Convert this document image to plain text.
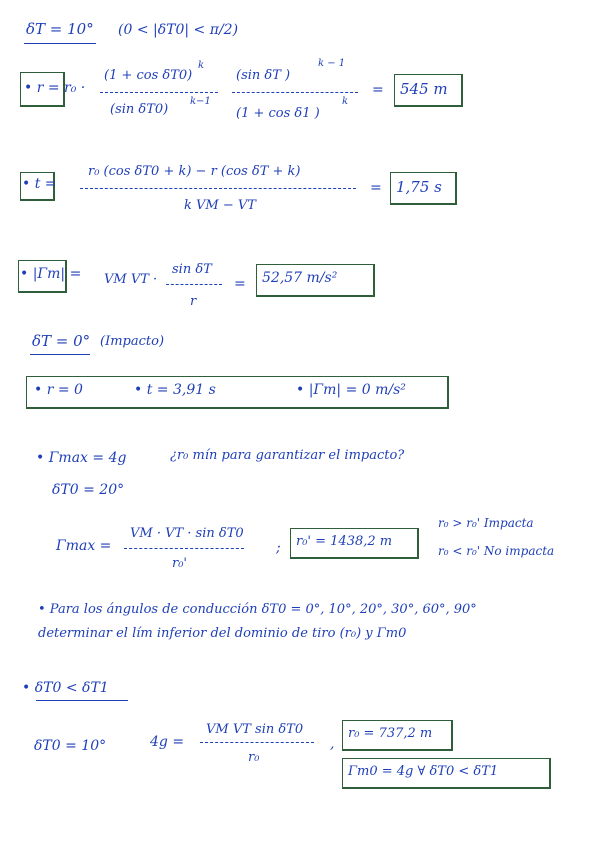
δT = 10° (0 < |δT0| < π/2)
• r = r₀ ·
(1 + cos δT0)
k
(sin δT0)
k−1
(sin δT )
k − 1
(1 + cos δ1 )
k
= 545 m
• t =
r₀ (cos δT0 + k) − r (cos δT + k)
k VM − VT
= 1,75 s
• |Γm| = VM VT ·
sin δT
r
= 52,57 m/s²
δT = 0° (Impacto)
• r = 0	• t = 3,91 s	• |Γm| = 0 m/s²
• Γmax = 4g	¿r₀ mín para garantizar el impacto?
δT0 = 20°
Γmax =
VM · VT · sin δT0
r₀'
; r₀' = 1438,2 m
r₀ > r₀' Impacta
r₀ < r₀' No impacta
• Para los ángulos de conducción δT0 = 0°, 10°, 20°, 30°, 60°, 90°
determinar el lím inferior del dominio de tiro (r₀) y Γm0
• δT0 < δT1
δT0 = 10°	4g =
VM VT sin δT0
r₀
,
r₀ = 737,2 m
Γm0 = 4g ∀ δT0 < δT1
